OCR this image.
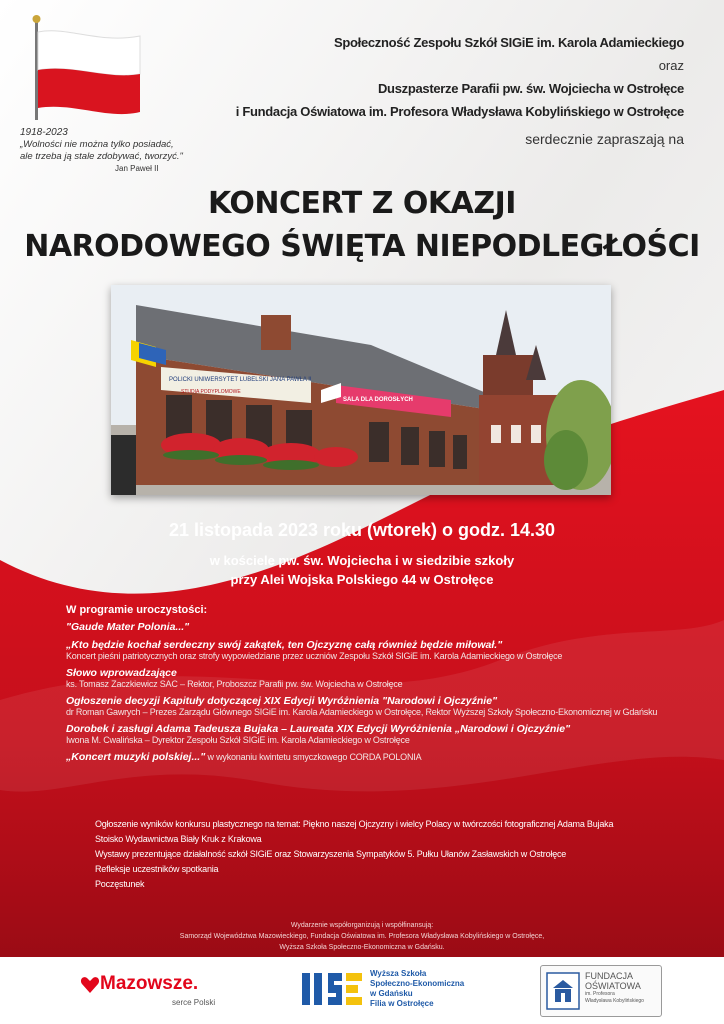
1918-2023
„Wolności nie można tylko posiadać,
ale trzeba ją stale zdobywać, tworzyć."
Jan Paweł II
Społeczność Zespołu Szkół SIGiE im. Karola Adamieckiego
oraz
Duszpasterze Parafii pw. św. Wojciecha w Ostrołęce
i Fundacja Oświatowa im. Profesora Władysława Kobylińskiego w Ostrołęce
serdecznie zapraszają na
KONCERT Z OKAZJI
NARODOWEGO ŚWIĘTA NIEPODLEGŁOŚCI
POLICKI UNIWERSYTET LUBELSKI JANA PAWŁA II
STUDIA PODYPLOMOWE
SALA DLA DOROSŁYCH
21 listopada 2023 roku (wtorek) o godz. 14.30
w kościele pw. św. Wojciecha i w siedzibie szkoły
przy Alei Wojska Polskiego 44 w Ostrołęce
W programie uroczystości:
"Gaude Mater Polonia..."
„Kto będzie kochał serdeczny swój zakątek, ten Ojczyznę całą również będzie miłował."
Koncert pieśni patriotycznych oraz strofy wypowiedziane przez uczniów Zespołu Szkół SIGiE im. Karola Adamieckiego w Ostrołęce
Słowo wprowadzające
ks. Tomasz Zaczkiewicz SAC – Rektor, Proboszcz Parafii pw. św. Wojciecha w Ostrołęce
Ogłoszenie decyzji Kapituły dotyczącej XIX Edycji Wyróżnienia "Narodowi i Ojczyźnie"
dr Roman Gawrych – Prezes Zarządu Głównego SIGiE im. Karola Adamieckiego w Ostrołęce, Rektor Wyższej Szkoły Społeczno-Ekonomicznej w Gdańsku
Dorobek i zasługi Adama Tadeusza Bujaka – Laureata XIX Edycji Wyróżnienia „Narodowi i Ojczyźnie"
Iwona M. Cwalińska – Dyrektor Zespołu Szkół SIGiE im. Karola Adamieckiego w Ostrołęce
„Koncert muzyki polskiej..." w wykonaniu kwintetu smyczkowego CORDA POLONIA
Ogłoszenie wyników konkursu plastycznego na temat: Piękno naszej Ojczyzny i wielcy Polacy w twórczości fotograficznej Adama Bujaka
Stoisko Wydawnictwa Biały Kruk z Krakowa
Wystawy prezentujące działalność szkół SIGiE oraz Stowarzyszenia Sympatyków 5. Pułku Ułanów Zasławskich w Ostrołęce
Refleksje uczestników spotkania
Poczęstunek
Wydarzenie współorganizują i współfinansują:
Samorząd Województwa Mazowieckiego, Fundacja Oświatowa im. Profesora Władysława Kobylińskiego w Ostrołęce,
Wyższa Szkoła Społeczno-Ekonomiczna w Gdańsku.
Mazowsze.
serce Polski
Wyższa Szkoła
Społeczno-Ekonomiczna
w Gdańsku
Filia w Ostrołęce
FUNDACJA
OŚWIATOWA
im. Profesora
Władysława Kobylińskiego
